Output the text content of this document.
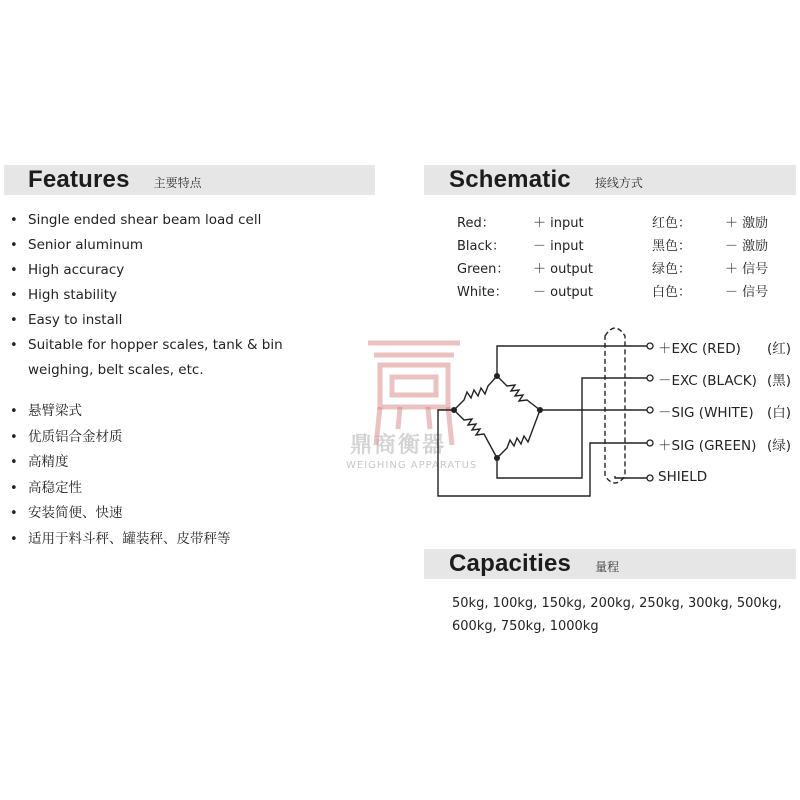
Features 主要特点
• Single ended shear beam load cell
• Senior aluminum
• High accuracy
• High stability
• Easy to install
• Suitable for hopper scales, tank & bin weighing, belt scales, etc.
• 悬臂梁式
• 优质铝合金材质
• 高精度
• 高稳定性
• 安装简便、快速
• 适用于料斗秤、罐装秤、皮带秤等
Schematic 接线方式
Red：	＋ input	红色：	＋ 激励
Black： － input	黑色：	－ 激励
Green： ＋ output	绿色：	＋ 信号
White： － output	白色：	－ 信号
鼎商衡器
WEIGHING APPARATUS
＋EXC (RED) (红)
－EXC (BLACK) (黑)
－SIG (WHITE) (白)
＋SIG (GREEN) (绿)
SHIELD
Capacities 量程
50kg, 100kg, 150kg, 200kg, 250kg, 300kg, 500kg, 600kg, 750kg, 1000kg
